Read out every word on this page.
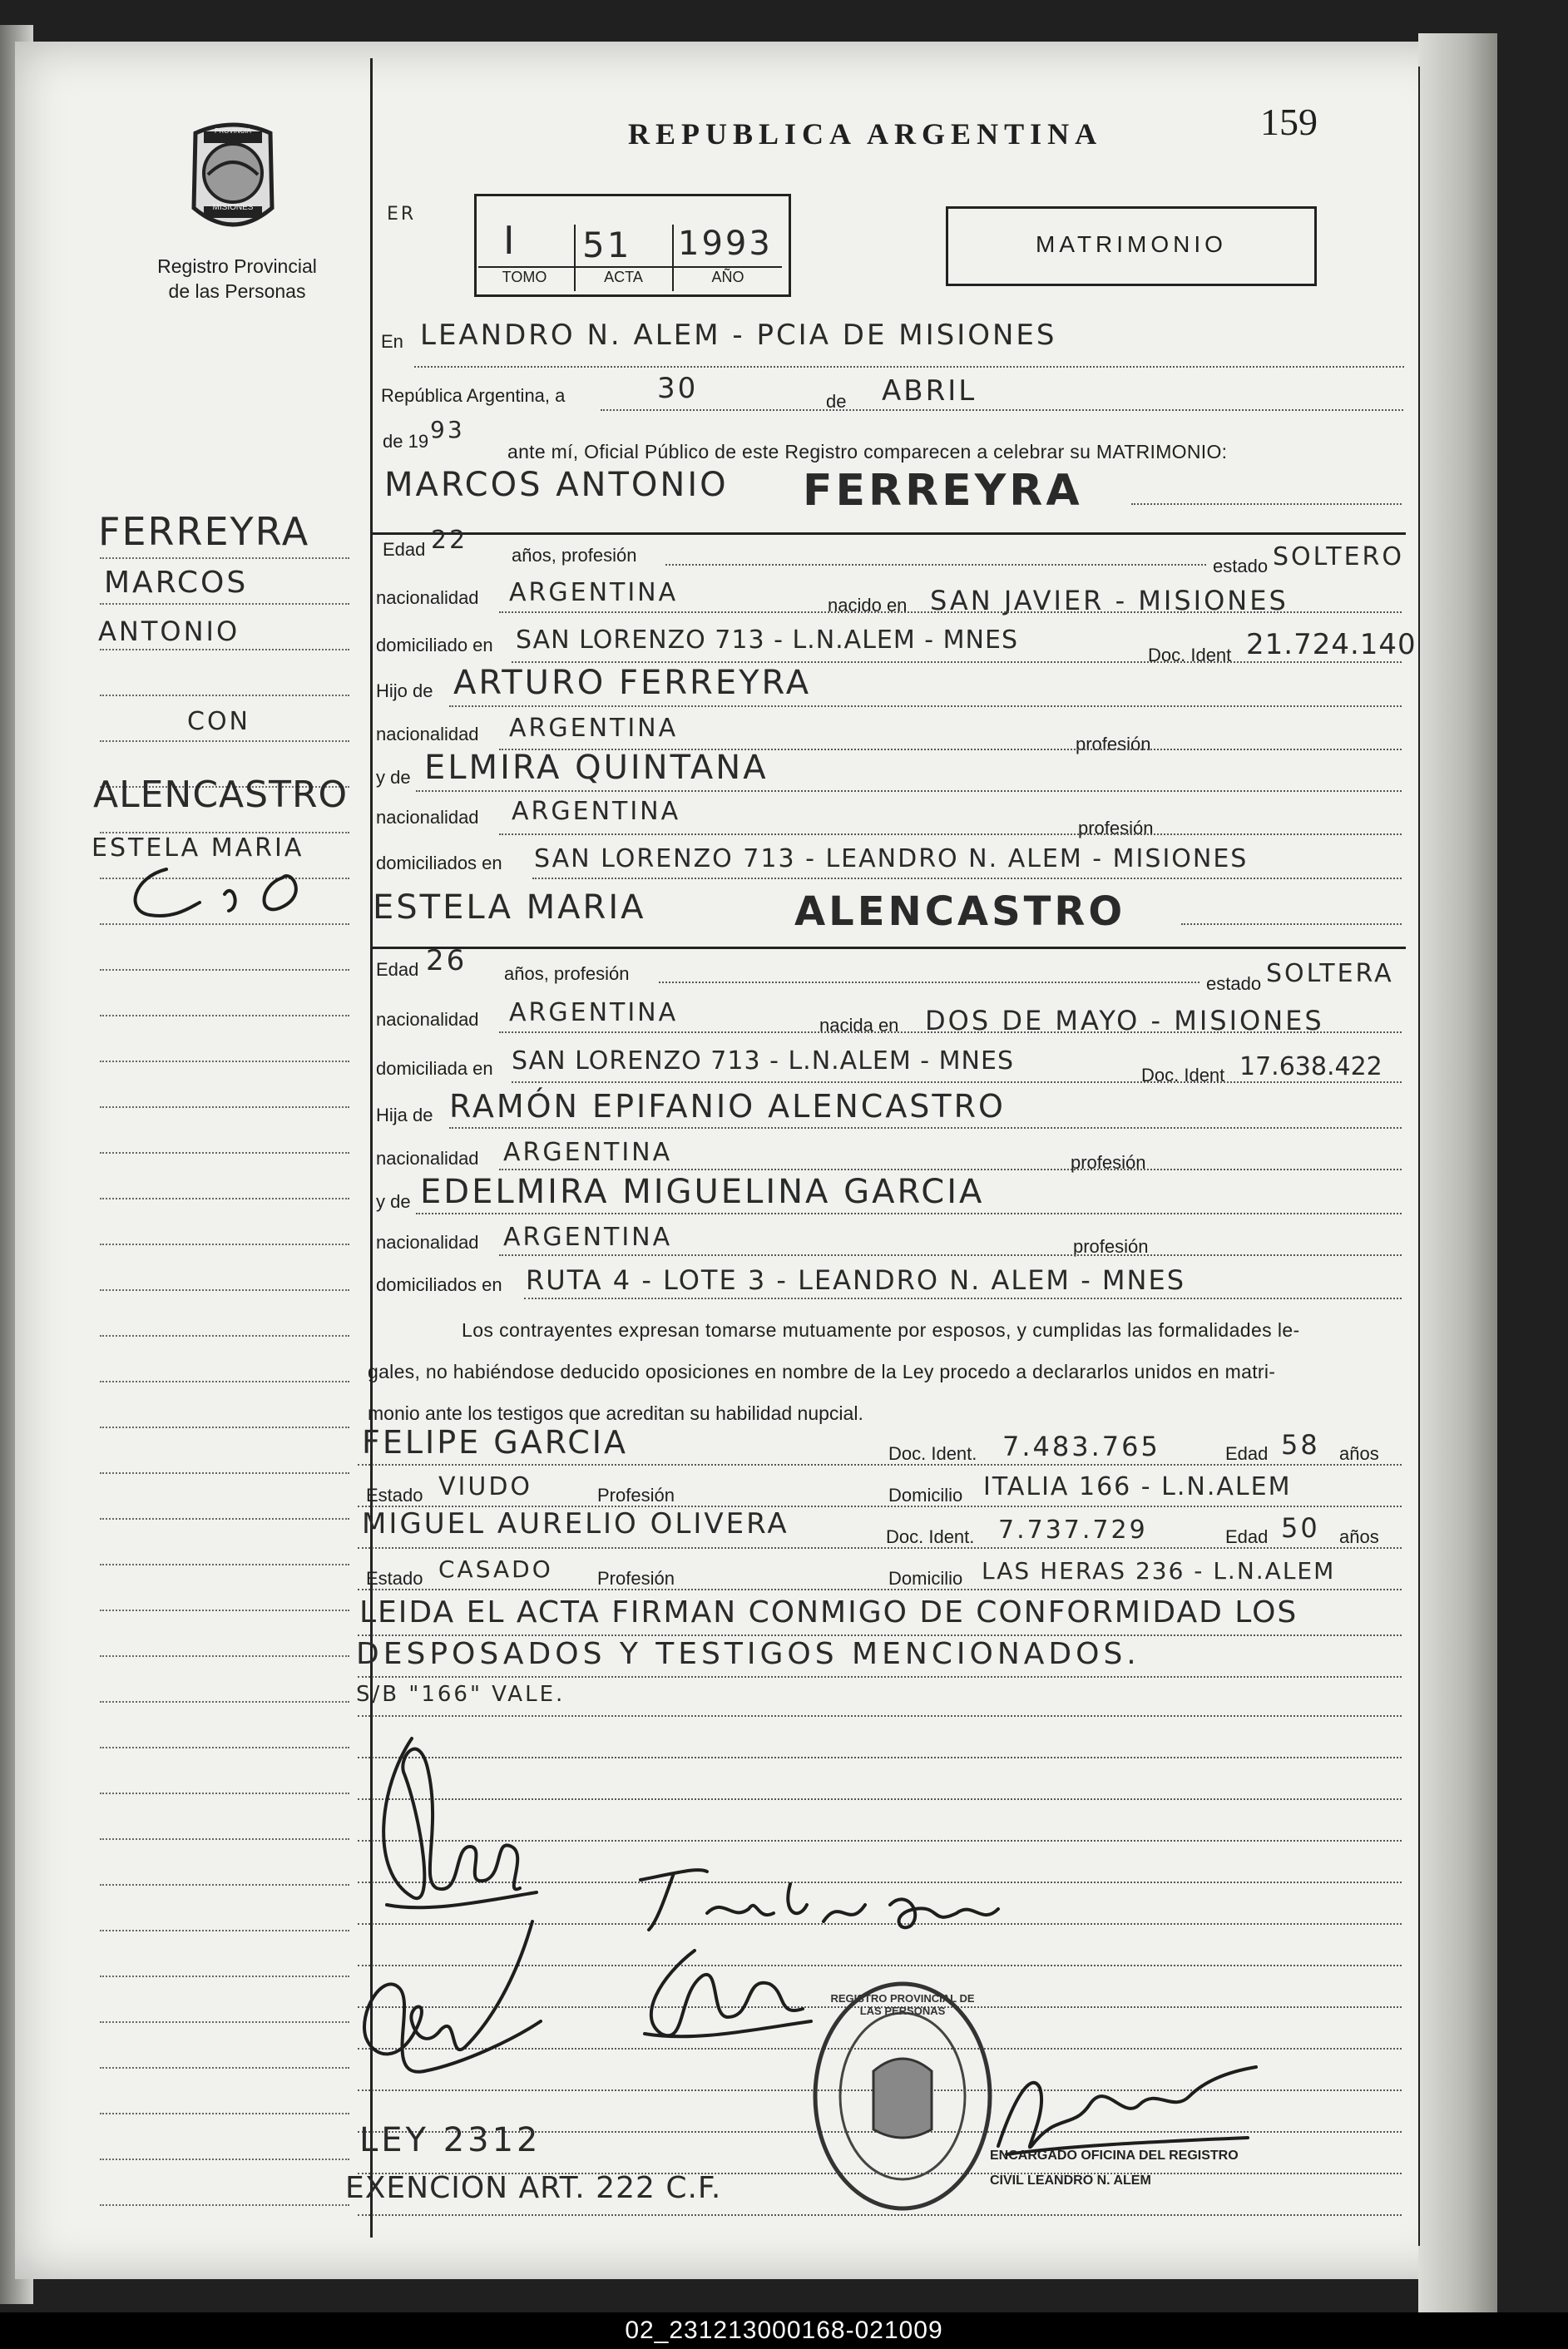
PROVINCIA
MISIONES
Registro Provincial
de las Personas
REPUBLICA ARGENTINA	159
ER
I 51 1993
TOMO	ACTA	AÑO
MATRIMONIO
En LEANDRO N. ALEM - PCIA DE MISIONES
República Argentina, a	30	de ABRIL
de 19 93
ante mí, Oficial Público de este Registro comparecen a celebrar su MATRIMONIO:
MARCOS ANTONIO FERREYRA
Edad 22
años, profesión
estado SOLTERO
nacionalidad ARGENTINA	nacido en SAN JAVIER - MISIONES
domiciliado en SAN LORENZO 713 - L.N.ALEM - MNES
Doc. Ident 21.724.140
Hijo de ARTURO FERREYRA
nacionalidad ARGENTINA
profesión
y de ELMIRA QUINTANA
nacionalidad ARGENTINA
profesión
domiciliados en SAN LORENZO 713 - LEANDRO N. ALEM - MISIONES
ESTELA MARIA	ALENCASTRO
Edad 26 años, profesión	estado SOLTERA
nacionalidad ARGENTINA	nacida en DOS DE MAYO - MISIONES
domiciliada en SAN LORENZO 713 - L.N.ALEM - MNES	Doc. Ident 17.638.422
Hija de RAMÓN EPIFANIO ALENCASTRO
nacionalidad ARGENTINA	profesión
y de EDELMIRA MIGUELINA GARCIA
nacionalidad ARGENTINA	profesión
domiciliados en RUTA 4 - LOTE 3 - LEANDRO N. ALEM - MNES
Los contrayentes expresan tomarse mutuamente por esposos, y cumplidas las formalidades le-
gales, no habiéndose deducido oposiciones en nombre de la Ley procedo a declararlos unidos en matri-
monio ante los testigos que acreditan su habilidad nupcial.
FELIPE GARCIA	Doc. Ident. 7.483.765	Edad 58 años
Estado VIUDO	Profesión	Domicilio ITALIA 166 - L.N.ALEM
MIGUEL AURELIO OLIVERA	Doc. Ident. 7.737.729	Edad 50 años
Estado CASADO Profesión	Domicilio LAS HERAS 236 - L.N.ALEM
LEIDA EL ACTA FIRMAN CONMIGO DE CONFORMIDAD LOS
DESPOSADOS Y TESTIGOS MENCIONADOS.
S/B "166" VALE.
REGISTRO PROVINCIAL DE LAS PERSONAS
ENCARGADO OFICINA DEL REGISTRO
CIVIL LEANDRO N. ALEM
LEY 2312
EXENCION ART. 222 C.F.
FERREYRA
MARCOS
ANTONIO
CON
ALENCASTRO
ESTELA MARIA
02_231213000168-021009
